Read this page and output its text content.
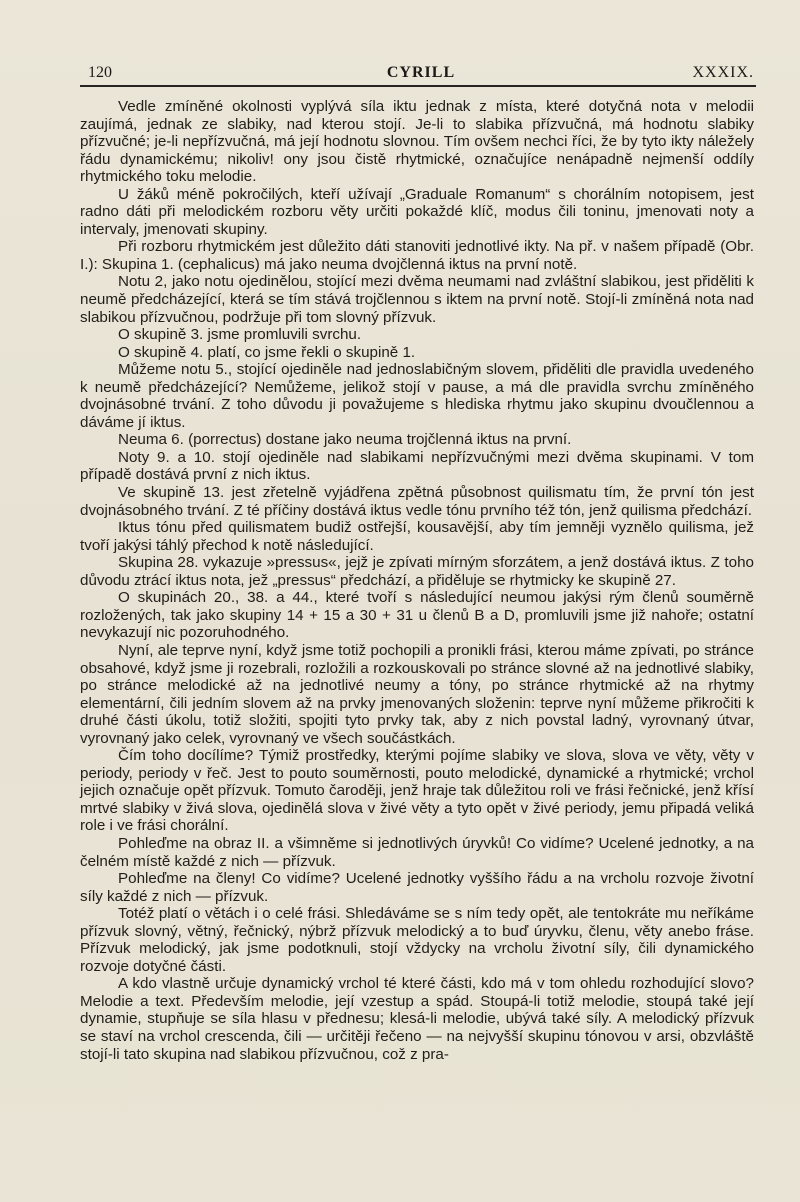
120	CYRILL	XXXIX.

Vedle zmíněné okolnosti vyplývá síla iktu jednak z místa, které dotyčná nota v melodii zaujímá, jednak ze slabiky, nad kterou stojí. Je-li to slabika přízvučná, má hodnotu slabiky přízvučné; je-li nepřízvučná, má její hodnotu slovnou. Tím ovšem nechci říci, že by tyto ikty náležely řádu dynamickému; nikoliv! ony jsou čistě rhytmické, označujíce nenápadně nejmenší oddíly rhytmického toku melodie.

U žáků méně pokročilých, kteří užívají „Graduale Romanum“ s chorálním notopisem, jest radno dáti při melodickém rozboru věty určiti pokaždé klíč, modus čili toninu, jmenovati noty a intervaly, jmenovati skupiny.

Při rozboru rhytmickém jest důležito dáti stanoviti jednotlivé ikty. Na př. v našem případě (Obr. I.): Skupina 1. (cephalicus) má jako neuma dvojčlenná iktus na první notě.

Notu 2, jako notu ojedinělou, stojící mezi dvěma neumami nad zvláštní slabikou, jest přiděliti k neumě předcházející, která se tím stává trojčlennou s iktem na první notě. Stojí-li zmíněná nota nad slabikou přízvučnou, podržuje při tom slovný přízvuk.

O skupině 3. jsme promluvili svrchu.

O skupině 4. platí, co jsme řekli o skupině 1.

Můžeme notu 5., stojící ojediněle nad jednoslabičným slovem, přiděliti dle pravidla uvedeného k neumě předcházející? Nemůžeme, jelikož stojí v pause, a má dle pravidla svrchu zmíněného dvojnásobné trvání. Z toho důvodu ji považujeme s hlediska rhytmu jako skupinu dvoučlennou a dáváme jí iktus.

Neuma 6. (porrectus) dostane jako neuma trojčlenná iktus na první.

Noty 9. a 10. stojí ojediněle nad slabikami nepřízvučnými mezi dvěma skupinami. V tom případě dostává první z nich iktus.

Ve skupině 13. jest zřetelně vyjádřena zpětná působnost quilismatu tím, že první tón jest dvojnásobného trvání. Z té příčiny dostává iktus vedle tónu prvního též tón, jenž quilisma předchází.

Iktus tónu před quilismatem budiž ostřejší, kousavější, aby tím jemněji vyznělo quilisma, jež tvoří jakýsi táhlý přechod k notě následující.

Skupina 28. vykazuje »pressus«, jejž je zpívati mírným sforzátem, a jenž dostává iktus. Z toho důvodu ztrácí iktus nota, jež „pressus“ předchází, a přiděluje se rhytmicky ke skupině 27.

O skupinách 20., 38. a 44., které tvoří s následující neumou jakýsi rým členů souměrně rozložených, tak jako skupiny 14 + 15 a 30 + 31 u členů B a D, promluvili jsme již nahoře; ostatní nevykazují nic pozoruhodného.

Nyní, ale teprve nyní, když jsme totiž pochopili a pronikli frási, kterou máme zpívati, po stránce obsahové, když jsme ji rozebrali, rozložili a rozkouskovali po stránce slovné až na jednotlivé slabiky, po stránce melodické až na jednotlivé neumy a tóny, po stránce rhytmické až na rhytmy elementární, čili jedním slovem až na prvky jmenovaných složenin: teprve nyní můžeme přikročiti k druhé části úkolu, totiž složiti, spojiti tyto prvky tak, aby z nich povstal ladný, vyrovnaný útvar, vyrovnaný jako celek, vyrovnaný ve všech součástkách.

Čím toho docílíme? Týmiž prostředky, kterými pojíme slabiky ve slova, slova ve věty, věty v periody, periody v řeč. Jest to pouto souměrnosti, pouto melodické, dynamické a rhytmické; vrchol jejich označuje opět přízvuk. Tomuto čaroději, jenž hraje tak důležitou roli ve frási řečnické, jenž křísí mrtvé slabiky v živá slova, ojedinělá slova v živé věty a tyto opět v živé periody, jemu připadá veliká role i ve frási chorální.

Pohleďme na obraz II. a všimněme si jednotlivých úryvků! Co vidíme? Ucelené jednotky, a na čelném místě každé z nich — přízvuk.

Pohleďme na členy! Co vidíme? Ucelené jednotky vyššího řádu a na vrcholu rozvoje životní síly každé z nich — přízvuk.

Totéž platí o větách i o celé frási. Shledáváme se s ním tedy opět, ale tentokráte mu neříkáme přízvuk slovný, větný, řečnický, nýbrž přízvuk melodický a to buď úryvku, členu, věty anebo fráse. Přízvuk melodický, jak jsme podotknuli, stojí vždycky na vrcholu životní síly, čili dynamického rozvoje dotyčné části.

A kdo vlastně určuje dynamický vrchol té které části, kdo má v tom ohledu rozhodující slovo? Melodie a text. Především melodie, její vzestup a spád. Stoupá-li totiž melodie, stoupá také její dynamie, stupňuje se síla hlasu v přednesu; klesá-li melodie, ubývá také síly. A melodický přízvuk se staví na vrchol crescenda, čili — určitěji řečeno — na nejvyšší skupinu tónovou v arsi, obzvláště stojí-li tato skupina nad slabikou přízvučnou, což z pra-
